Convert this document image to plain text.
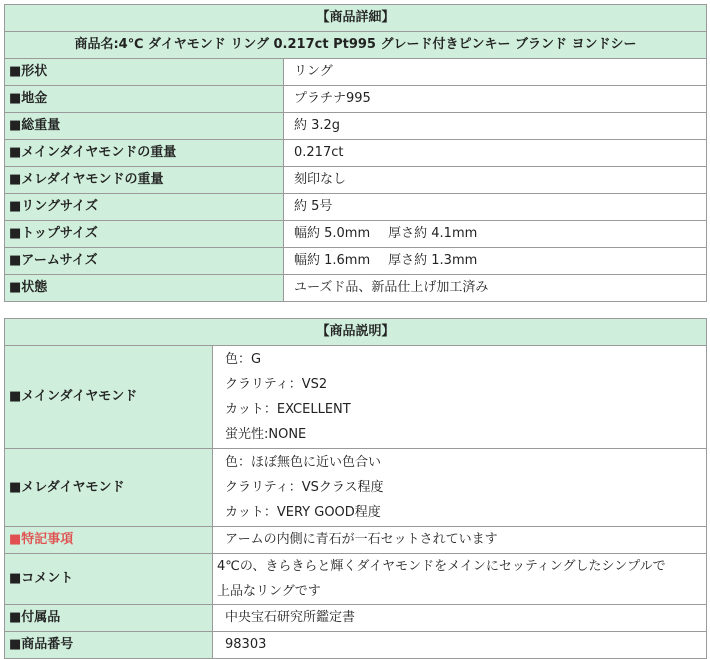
【商品詳細】	
商品名:4℃ ダイヤモンド リング 0.217ct Pt995 グレード付きピンキー ブランド ヨンドシー	
■形状	リング
■地金	プラチナ995
■総重量	約 3.2g
■メインダイヤモンドの重量	0.217ct
■メレダイヤモンドの重量	刻印なし
■リングサイズ	約 5号
■トップサイズ	幅約 5.0mm 厚さ約 4.1mm
■アームサイズ	幅約 1.6mm 厚さ約 1.3mm
■状態	ユーズド品、新品仕上げ加工済み
【商品説明】	
■メインダイヤモンド	色：G
クラリティ：VS2
カット：EXCELLENT
蛍光性:NONE

■メレダイヤモンド	色：ほぼ無色に近い色合い
クラリティ：VSクラス程度
カット：VERY GOOD程度

■特記事項	アームの内側に青石が一石セットされています
■コメント	4℃の、きらきらと輝くダイヤモンドをメインにセッティングしたシンプルで
上品なリングです

■付属品	中央宝石研究所鑑定書
■商品番号	98303
